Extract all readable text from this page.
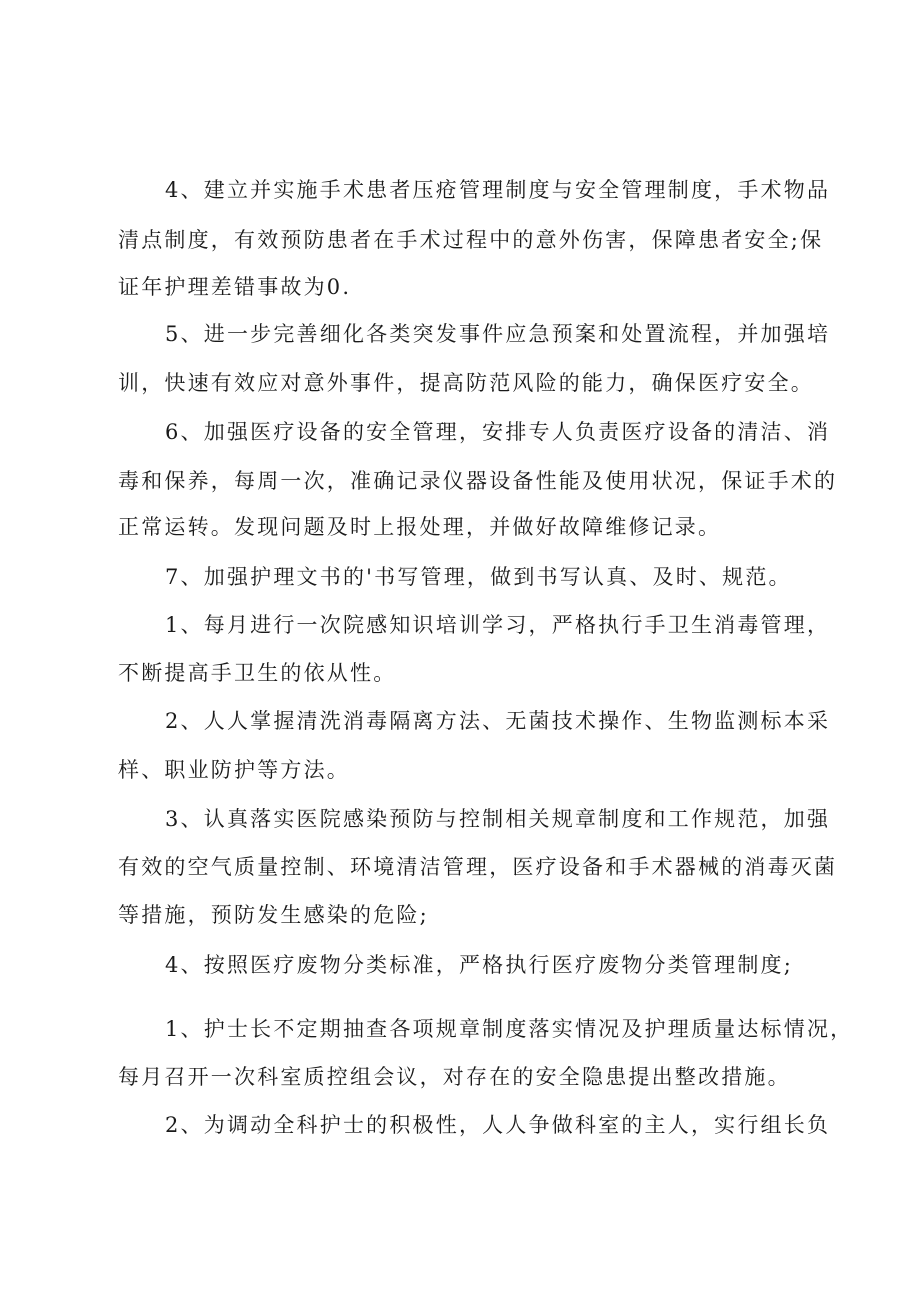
4、建立并实施手术患者压疮管理制度与安全管理制度，手术物品
清点制度，有效预防患者在手术过程中的意外伤害，保障患者安全;保
证年护理差错事故为0.
5、进一步完善细化各类突发事件应急预案和处置流程，并加强培
训，快速有效应对意外事件，提高防范风险的能力，确保医疗安全。
6、加强医疗设备的安全管理，安排专人负责医疗设备的清洁、消
毒和保养，每周一次，准确记录仪器设备性能及使用状况，保证手术的
正常运转。发现问题及时上报处理，并做好故障维修记录。
7、加强护理文书的'书写管理，做到书写认真、及时、规范。
1、每月进行一次院感知识培训学习，严格执行手卫生消毒管理，
不断提高手卫生的依从性。
2、人人掌握清洗消毒隔离方法、无菌技术操作、生物监测标本采
样、职业防护等方法。
3、认真落实医院感染预防与控制相关规章制度和工作规范，加强
有效的空气质量控制、环境清洁管理，医疗设备和手术器械的消毒灭菌
等措施，预防发生感染的危险;
4、按照医疗废物分类标准，严格执行医疗废物分类管理制度;
1、护士长不定期抽查各项规章制度落实情况及护理质量达标情况，
每月召开一次科室质控组会议，对存在的安全隐患提出整改措施。
2、为调动全科护士的积极性，人人争做科室的主人，实行组长负
